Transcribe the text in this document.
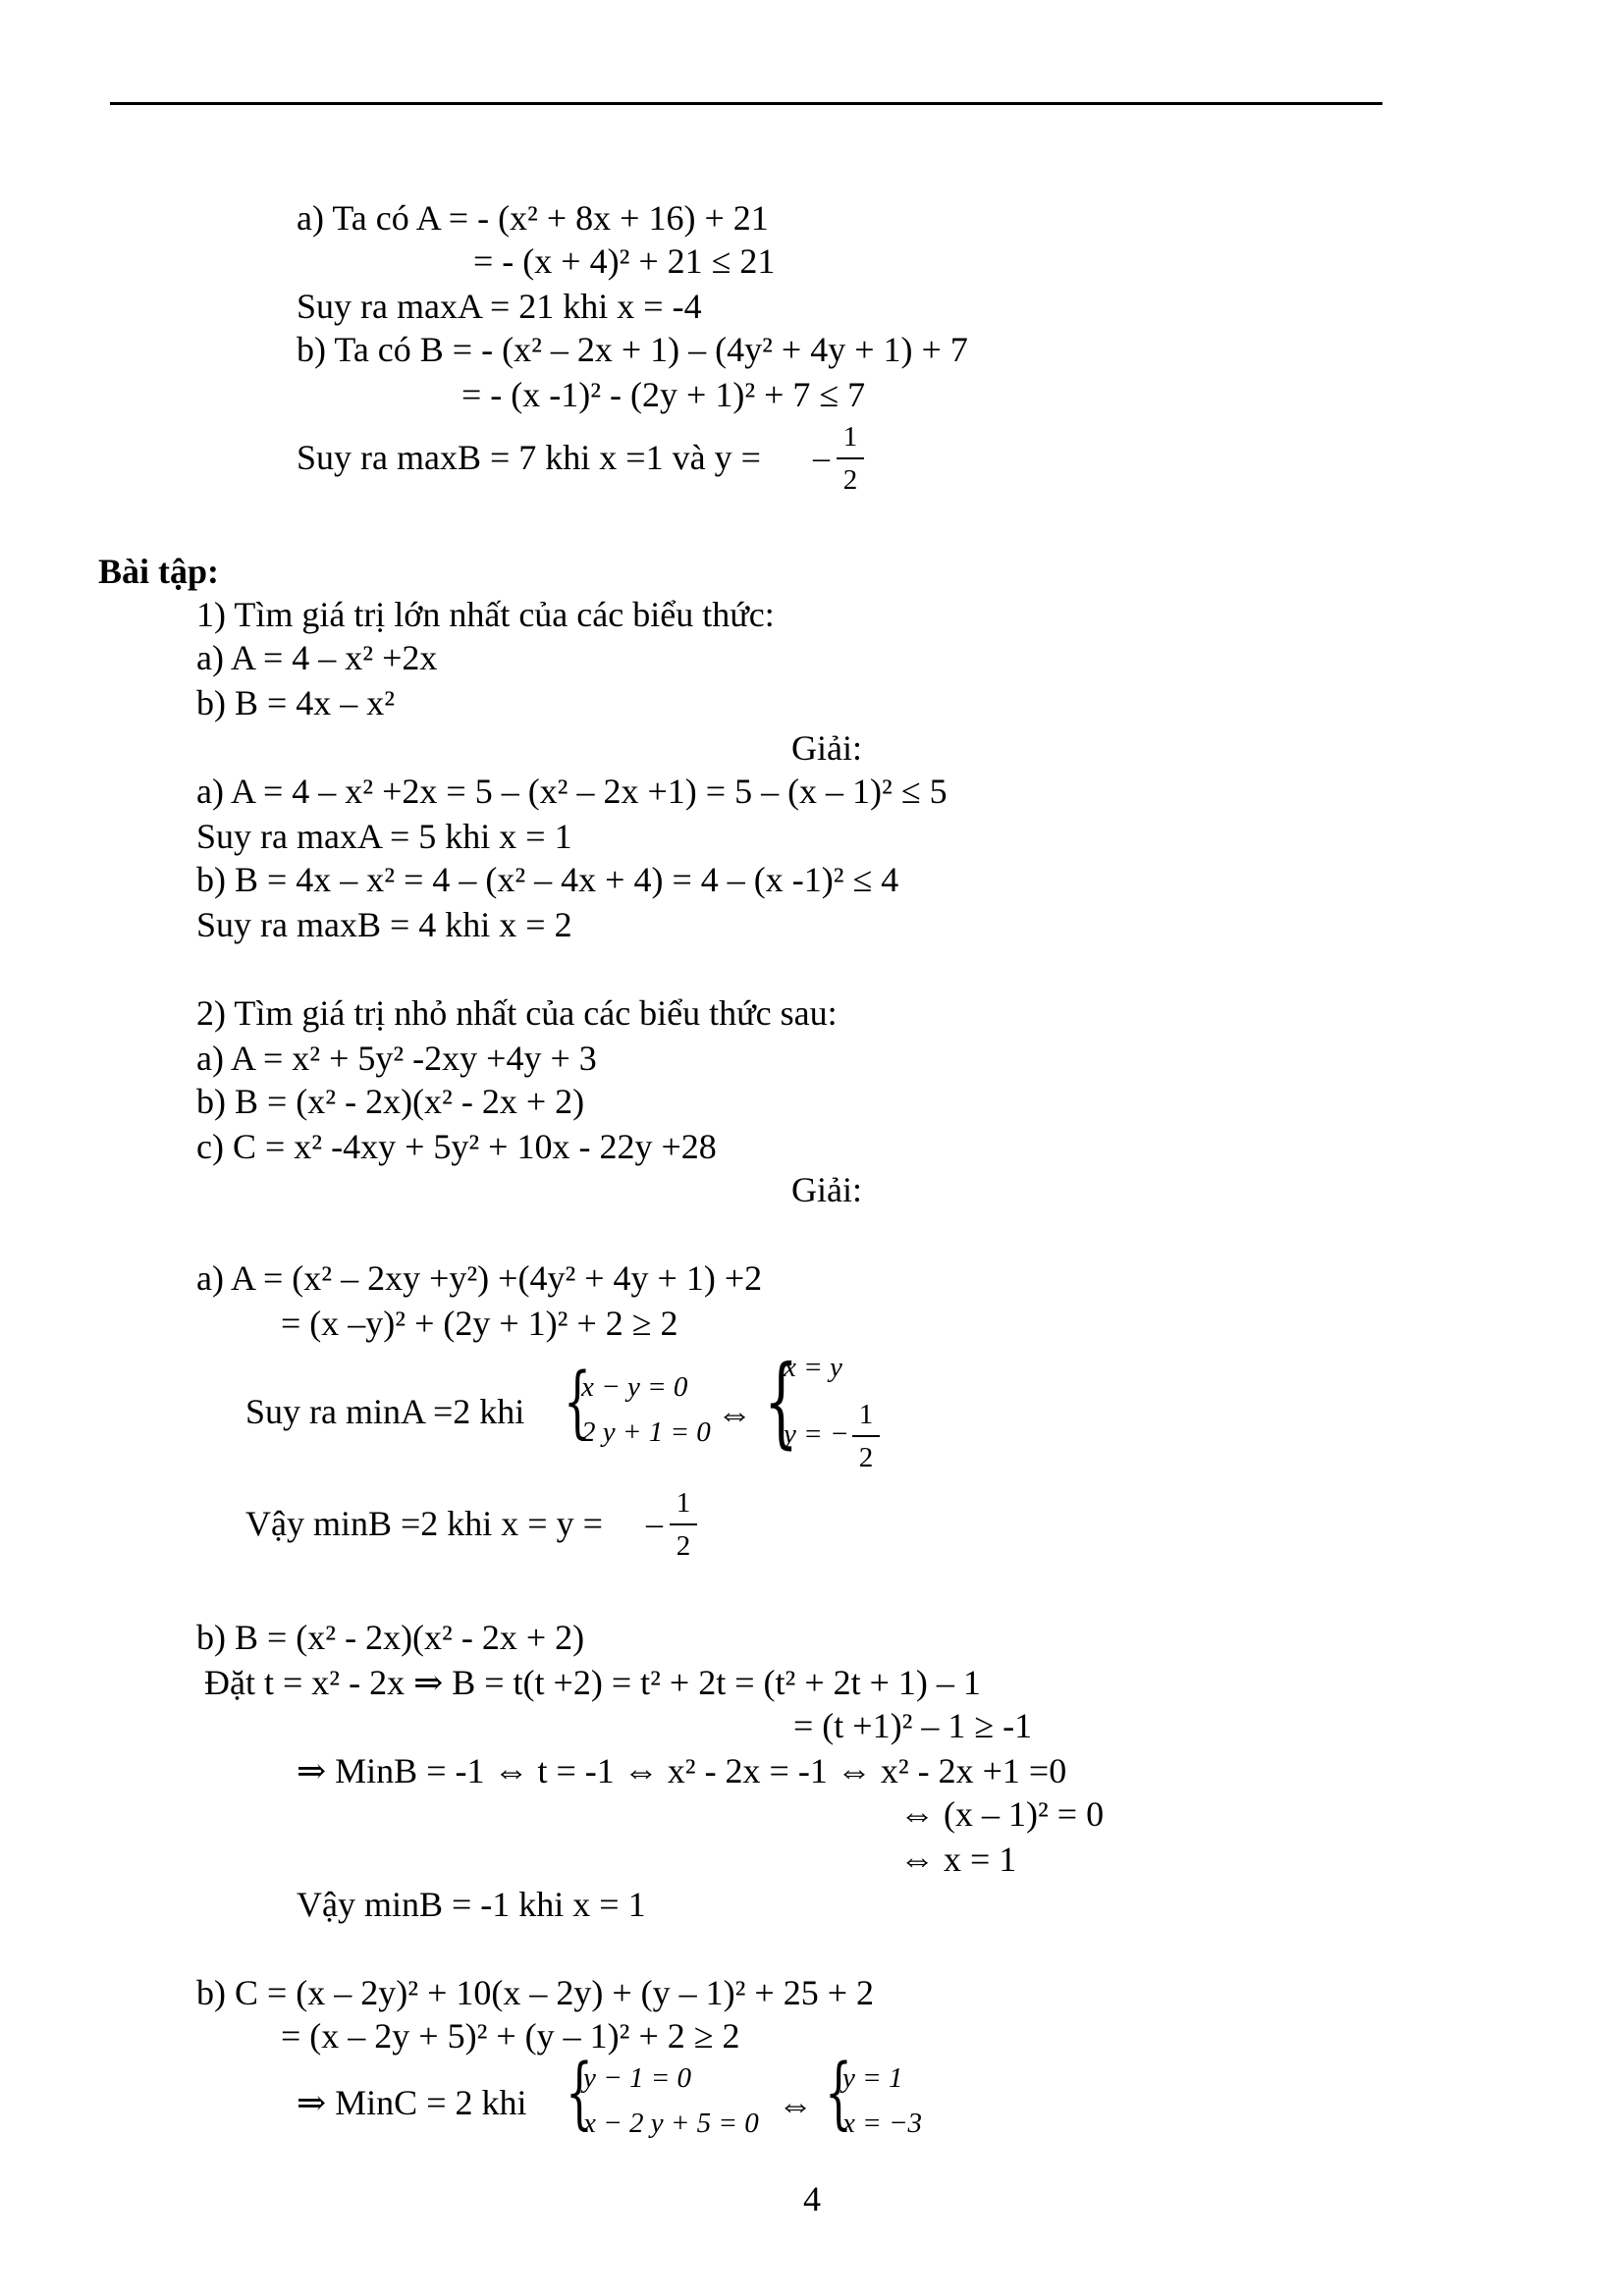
a) Ta có A = - (x² + 8x + 16) + 21
= - (x + 4)² + 21 ≤ 21
Suy ra maxA = 21 khi x = -4
b) Ta có B = - (x² – 2x + 1) – (4y² + 4y + 1) + 7
= - (x -1)² - (2y + 1)² + 7 ≤ 7
Suy ra maxB = 7 khi x =1 và y = –
1
2
Bài tập:
1) Tìm giá trị lớn nhất của các biểu thức:
a) A = 4 – x² +2x
b) B = 4x – x²
Giải:
a) A = 4 – x² +2x = 5 – (x² – 2x +1) = 5 – (x – 1)² ≤ 5
Suy ra maxA = 5 khi x = 1
b) B = 4x – x² = 4 – (x² – 4x + 4) = 4 – (x -1)² ≤ 4
Suy ra maxB = 4 khi x = 2
2) Tìm giá trị nhỏ nhất của các biểu thức sau:
a) A = x² + 5y² -2xy +4y + 3
b) B = (x² - 2x)(x² - 2x + 2)
c) C = x² -4xy + 5y² + 10x - 22y +28
Giải:
a) A = (x² – 2xy +y²) +(4y² + 4y + 1) +2
= (x –y)² + (2y + 1)² + 2 ≥ 2
Suy ra minA =2 khi {
x − y = 0
2 y + 1 = 0 ⇔ {
x = y
y = −
1
2
Vậy minB =2 khi x = y = –
1
2
b) B = (x² - 2x)(x² - 2x + 2)
Đặt t = x² - 2x ⇒ B = t(t +2) = t² + 2t = (t² + 2t + 1) – 1
= (t +1)² – 1 ≥ -1
⇒ MinB = -1 ⇔ t = -1 ⇔ x² - 2x = -1 ⇔ x² - 2x +1 =0
⇔ (x – 1)² = 0
⇔ x = 1
Vậy minB = -1 khi x = 1
b) C = (x – 2y)² + 10(x – 2y) + (y – 1)² + 25 + 2
= (x – 2y + 5)² + (y – 1)² + 2 ≥ 2
⇒ MinC = 2 khi {
y − 1 = 0
x − 2 y + 5 = 0 ⇔ {
y = 1
x = −3
4
